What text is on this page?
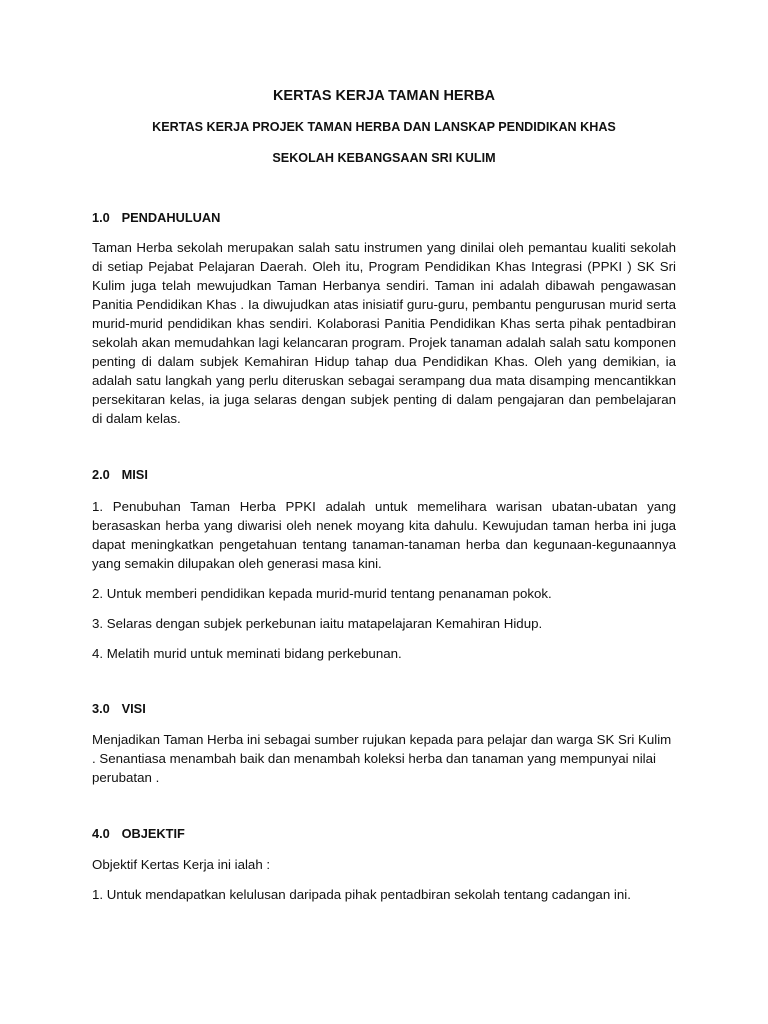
KERTAS KERJA TAMAN HERBA

KERTAS KERJA PROJEK TAMAN HERBA DAN LANSKAP PENDIDIKAN KHAS

SEKOLAH KEBANGSAAN SRI KULIM

1.0 PENDAHULUAN

Taman Herba sekolah merupakan salah satu instrumen yang dinilai oleh pemantau kualiti sekolah di setiap Pejabat Pelajaran Daerah. Oleh itu, Program Pendidikan Khas Integrasi (PPKI ) SK Sri Kulim juga telah mewujudkan Taman Herbanya sendiri. Taman ini adalah dibawah pengawasan Panitia Pendidikan Khas . Ia diwujudkan atas inisiatif guru-guru, pembantu pengurusan murid serta murid-murid pendidikan khas sendiri. Kolaborasi Panitia Pendidikan Khas serta pihak pentadbiran sekolah akan memudahkan lagi kelancaran program. Projek tanaman adalah salah satu komponen penting di dalam subjek Kemahiran Hidup tahap dua Pendidikan Khas. Oleh yang demikian, ia adalah satu langkah yang perlu diteruskan sebagai serampang dua mata disamping mencantikkan persekitaran kelas, ia juga selaras dengan subjek penting di dalam pengajaran dan pembelajaran di dalam kelas.

2.0 MISI

1. Penubuhan Taman Herba PPKI adalah untuk memelihara warisan ubatan-ubatan yang berasaskan herba yang diwarisi oleh nenek moyang kita dahulu. Kewujudan taman herba ini juga dapat meningkatkan pengetahuan tentang tanaman-tanaman herba dan kegunaan-kegunaannya yang semakin dilupakan oleh generasi masa kini.

2. Untuk memberi pendidikan kepada murid-murid tentang penanaman pokok.

3. Selaras dengan subjek perkebunan iaitu matapelajaran Kemahiran Hidup.

4. Melatih murid untuk meminati bidang perkebunan.

3.0 VISI

Menjadikan Taman Herba ini sebagai sumber rujukan kepada para pelajar dan warga SK Sri Kulim . Senantiasa menambah baik dan menambah koleksi herba dan tanaman yang mempunyai nilai perubatan .

4.0 OBJEKTIF

Objektif Kertas Kerja ini ialah :

1. Untuk mendapatkan kelulusan daripada pihak pentadbiran sekolah tentang cadangan ini.
